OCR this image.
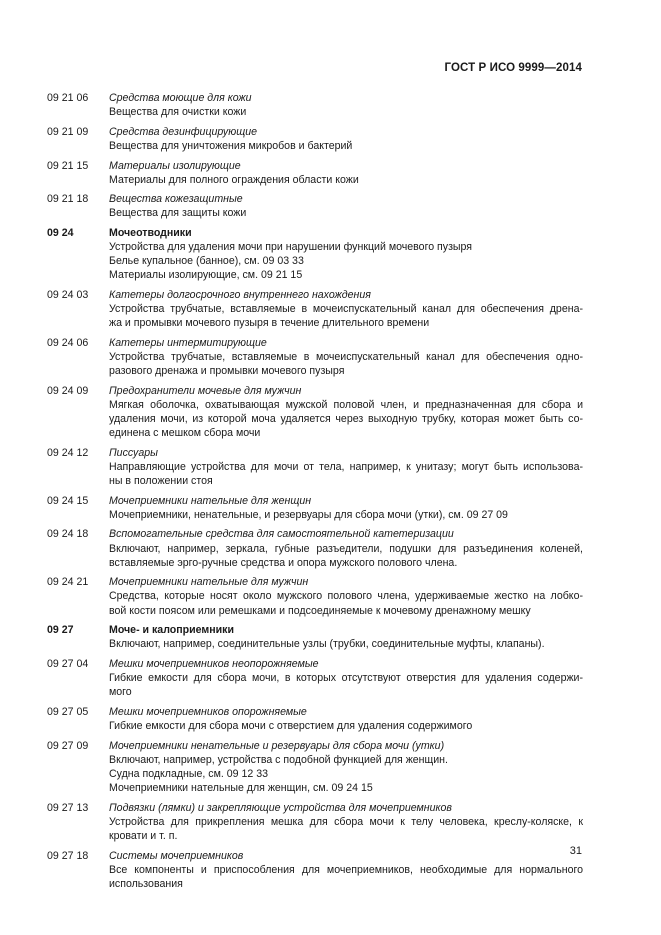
ГОСТ Р ИСО 9999—2014
09 21 06	Средства моющие для кожи
Вещества для очистки кожи
09 21 09	Средства дезинфицирующие
Вещества для уничтожения микробов и бактерий
09 21 15	Материалы изолирующие
Материалы для полного ограждения области кожи
09 21 18	Вещества кожезащитные
Вещества для защиты кожи
09 24	Мочеотводники
Устройства для удаления мочи при нарушении функций мочевого пузыря
Белье купальное (банное), см. 09 03 33
Материалы изолирующие, см. 09 21 15
09 24 03	Катетеры долгосрочного внутреннего нахождения
Устройства трубчатые, вставляемые в мочеиспускательный канал для обеспечения дрена-
жа и промывки мочевого пузыря в течение длительного времени
09 24 06	Катетеры интермитирующие
Устройства трубчатые, вставляемые в мочеиспускательный канал для обеспечения одно-
разового дренажа и промывки мочевого пузыря
09 24 09	Предохранители мочевые для мужчин
Мягкая оболочка, охватывающая мужской половой член, и предназначенная для сбора и
удаления мочи, из которой моча удаляется через выходную трубку, которая может быть со-
единена с мешком сбора мочи
09 24 12	Писсуары
Направляющие устройства для мочи от тела, например, к унитазу; могут быть использова-
ны в положении стоя
09 24 15	Мочеприемники нательные для женщин
Мочеприемники, ненательные, и резервуары для сбора мочи (утки), см. 09 27 09
09 24 18	Вспомогательные средства для самостоятельной катетеризации
Включают, например, зеркала, губные разъедители, подушки для разъединения коленей,
вставляемые эрго-ручные средства и опора мужского полового члена.
09 24 21	Мочеприемники нательные для мужчин
Средства, которые носят около мужского полового члена, удерживаемые жестко на лобко-
вой кости поясом или ремешками и подсоединяемые к мочевому дренажному мешку
09 27	Моче- и калоприемники
Включают, например, соединительные узлы (трубки, соединительные муфты, клапаны).
09 27 04	Мешки мочеприемников неопорожняемые
Гибкие емкости для сбора мочи, в которых отсутствуют отверстия для удаления содержи-
мого
09 27 05	Мешки мочеприемников опорожняемые
Гибкие емкости для сбора мочи с отверстием для удаления содержимого
09 27 09	Мочеприемники ненательные и резервуары для сбора мочи (утки)
Включают, например, устройства с подобной функцией для женщин.
Судна подкладные, см. 09 12 33
Мочеприемники нательные для женщин, см. 09 24 15
09 27 13	Подвязки (лямки) и закрепляющие устройства для мочеприемников
Устройства для прикрепления мешка для сбора мочи к телу человека, креслу-коляске, к
кровати и т. п.
09 27 18	Системы мочеприемников
Все компоненты и приспособления для мочеприемников, необходимые для нормального
использования
31
